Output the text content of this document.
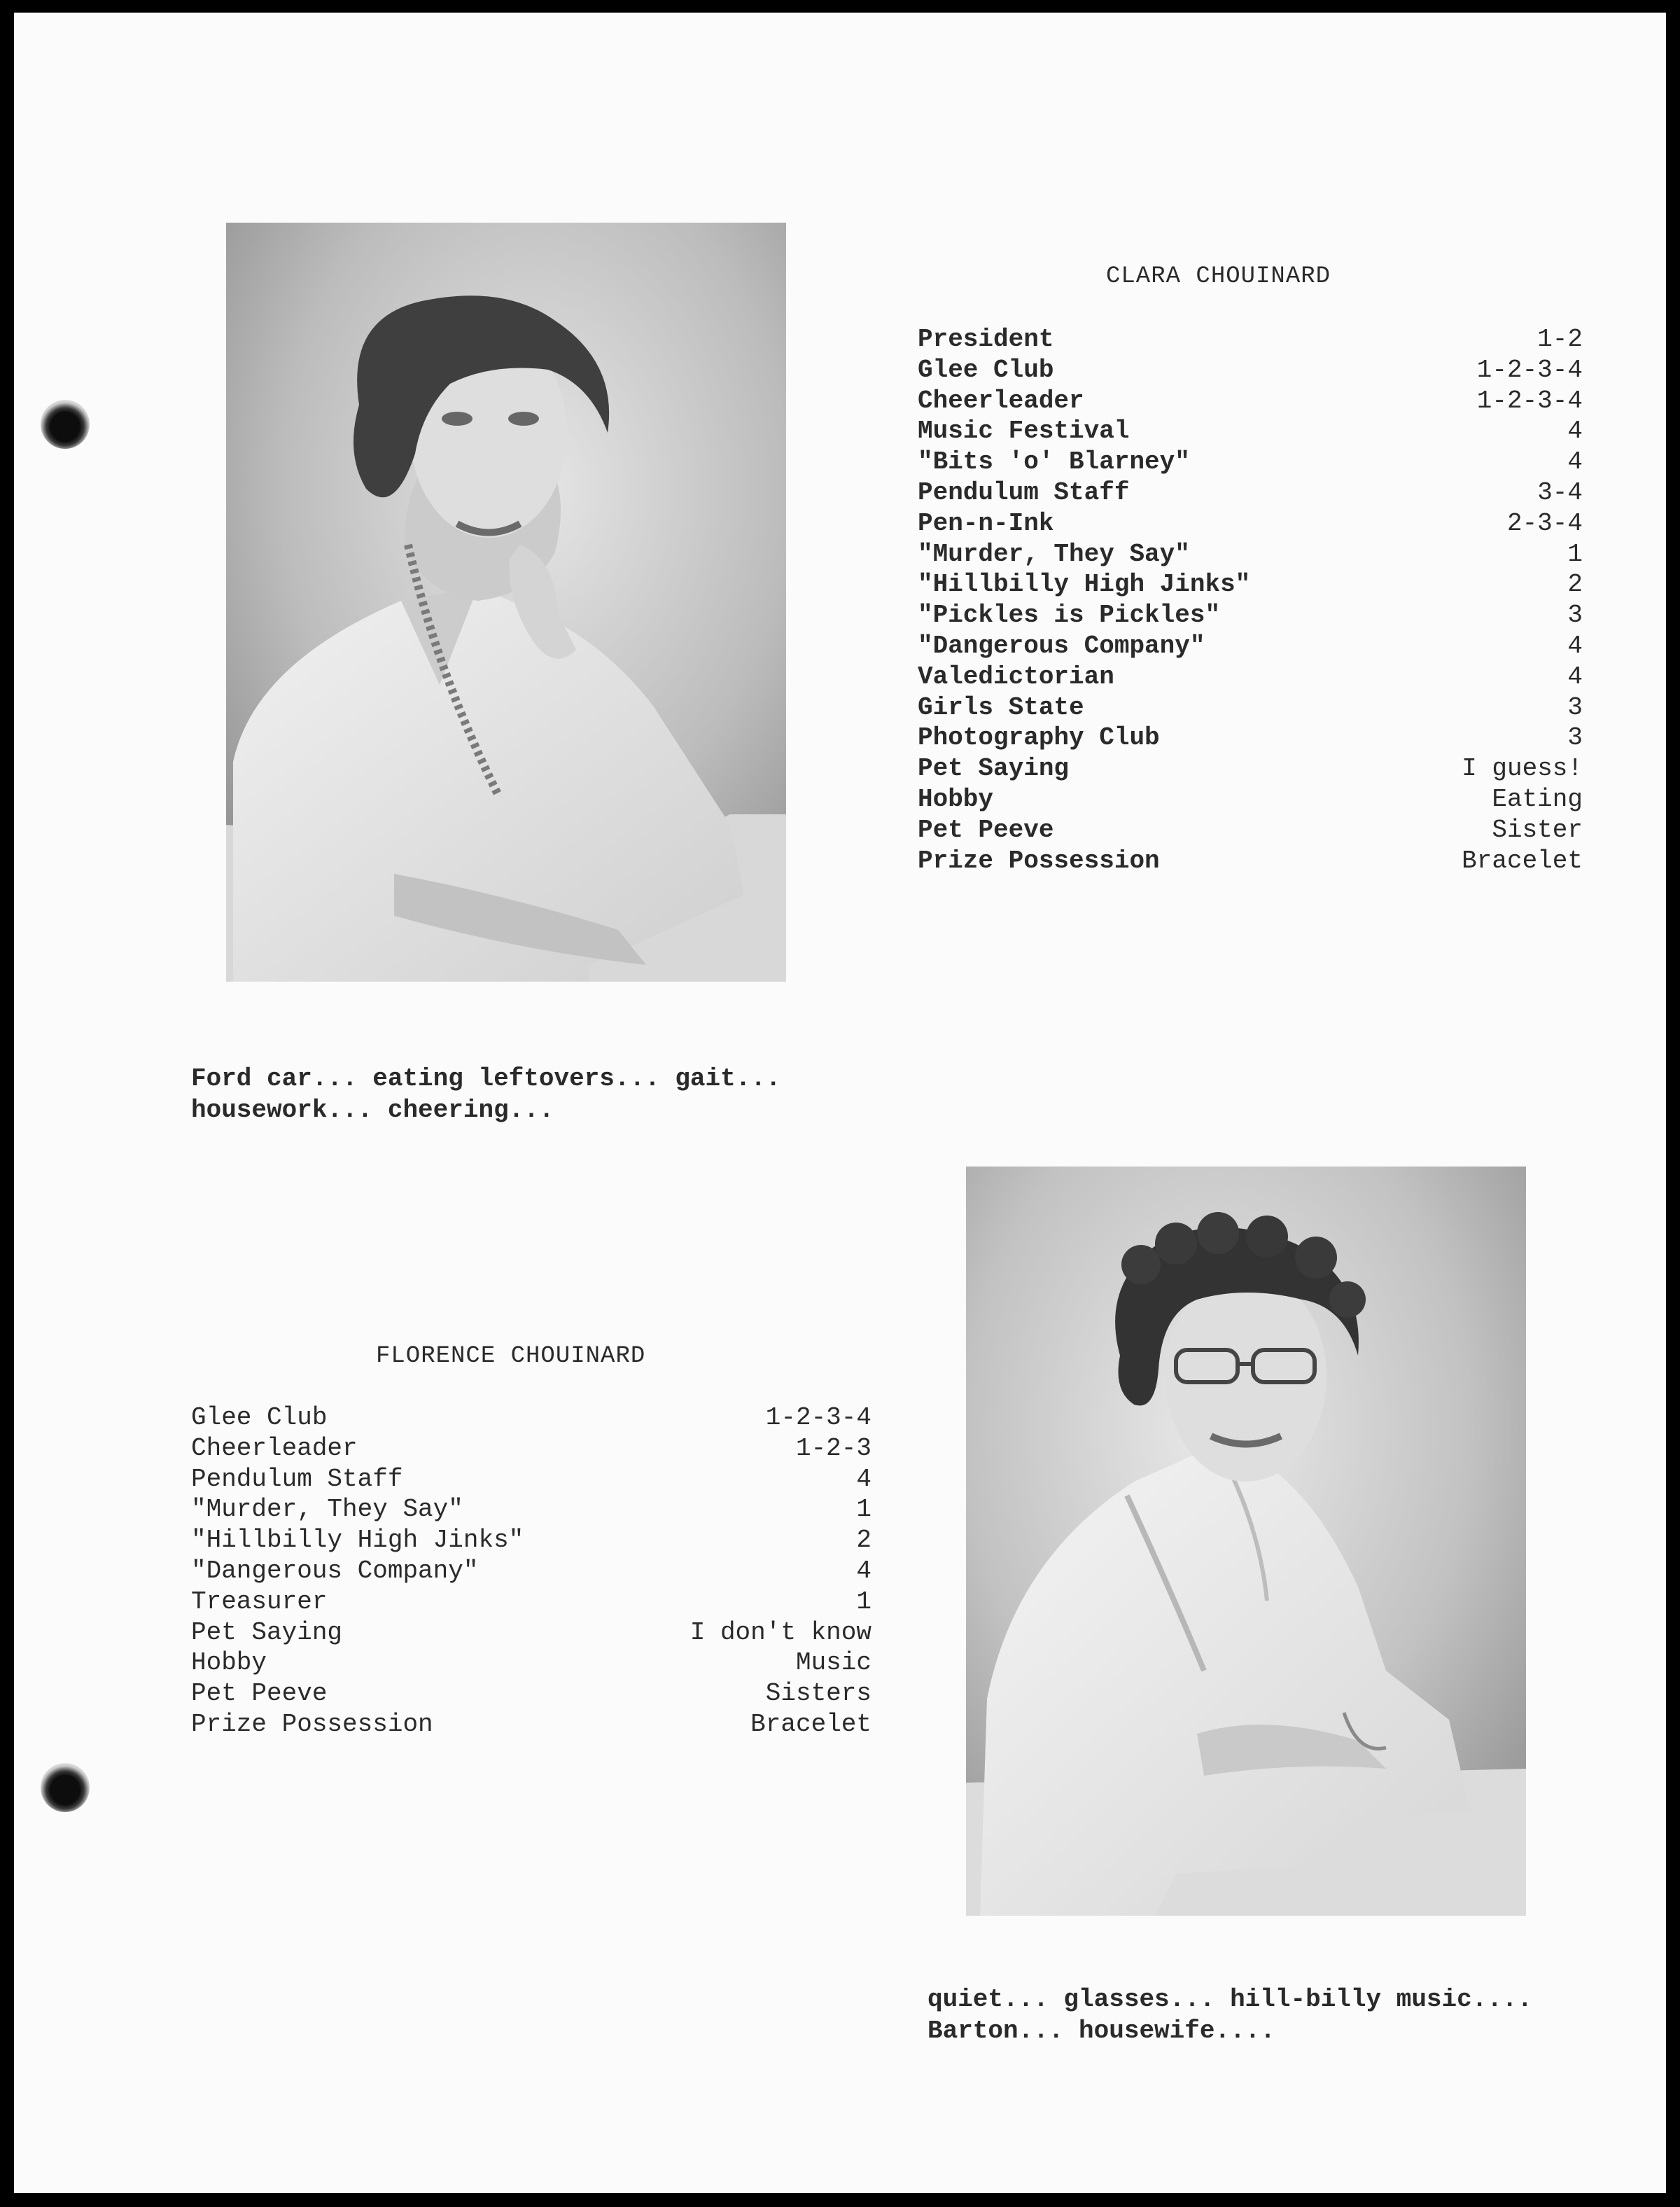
CLARA CHOUINARD
President	1-2
Glee Club	1-2-3-4
Cheerleader	1-2-3-4
Music Festival	4
"Bits 'o' Blarney"	4
Pendulum Staff	3-4
Pen-n-Ink	2-3-4
"Murder, They Say"	1
"Hillbilly High Jinks"	2
"Pickles is Pickles"	3
"Dangerous Company"	4
Valedictorian	4
Girls State	3
Photography Club	3
Pet Saying	I guess!
Hobby	Eating
Pet Peeve	Sister
Prize Possession	Bracelet
Ford car... eating leftovers... gait...
housework... cheering...
FLORENCE CHOUINARD
Glee Club	1-2-3-4
Cheerleader	1-2-3
Pendulum Staff	4
"Murder, They Say"	1
"Hillbilly High Jinks"	2
"Dangerous Company"	4
Treasurer	1
Pet Saying	I don't know
Hobby	Music
Pet Peeve	Sisters
Prize Possession	Bracelet
quiet... glasses... hill-billy music....
Barton... housewife....
